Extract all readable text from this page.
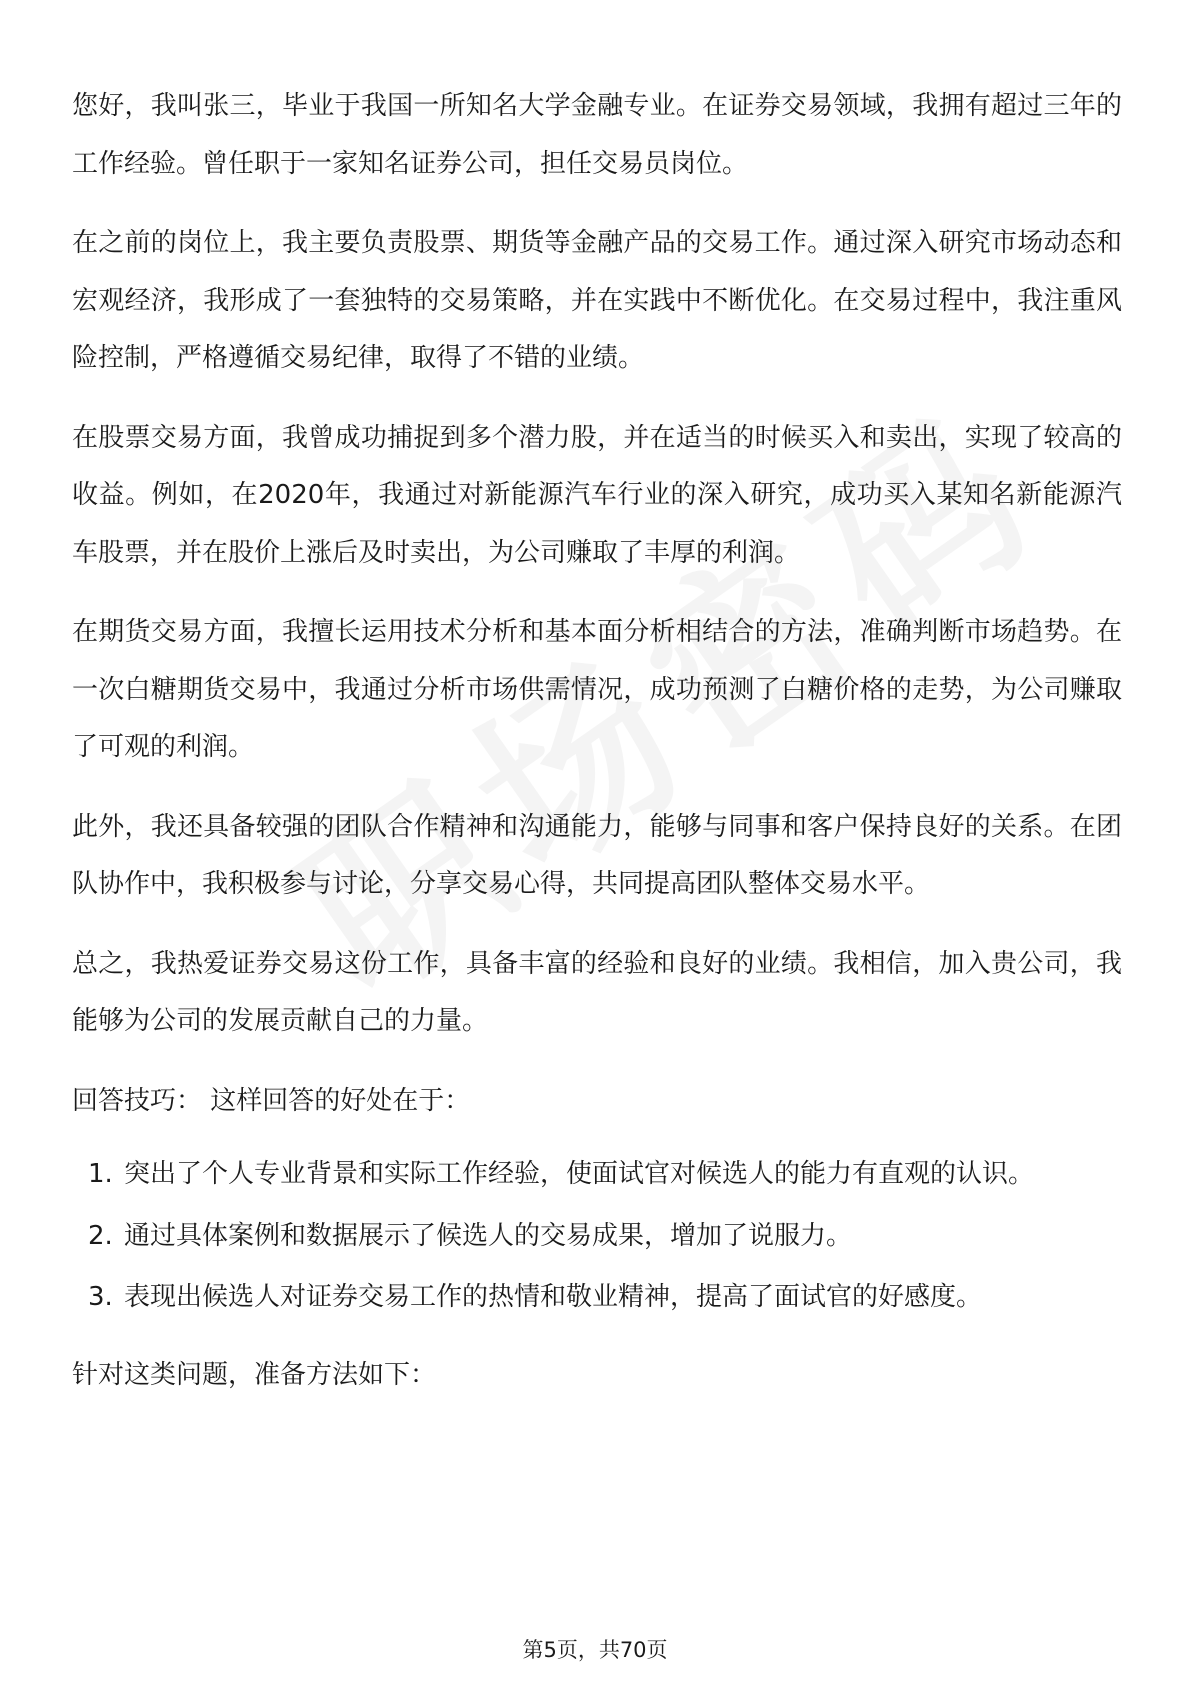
您好，我叫张三，毕业于我国一所知名大学金融专业。在证券交易领域，我拥有超过三年的工作经验。曾任职于一家知名证券公司，担任交易员岗位。

在之前的岗位上，我主要负责股票、期货等金融产品的交易工作。通过深入研究市场动态和宏观经济，我形成了一套独特的交易策略，并在实践中不断优化。在交易过程中，我注重风险控制，严格遵循交易纪律，取得了不错的业绩。

在股票交易方面，我曾成功捕捉到多个潜力股，并在适当的时候买入和卖出，实现了较高的收益。例如，在2020年，我通过对新能源汽车行业的深入研究，成功买入某知名新能源汽车股票，并在股价上涨后及时卖出，为公司赚取了丰厚的利润。

在期货交易方面，我擅长运用技术分析和基本面分析相结合的方法，准确判断市场趋势。在一次白糖期货交易中，我通过分析市场供需情况，成功预测了白糖价格的走势，为公司赚取了可观的利润。

此外，我还具备较强的团队合作精神和沟通能力，能够与同事和客户保持良好的关系。在团队协作中，我积极参与讨论，分享交易心得，共同提高团队整体交易水平。

总之，我热爱证券交易这份工作，具备丰富的经验和良好的业绩。我相信，加入贵公司，我能够为公司的发展贡献自己的力量。

回答技巧： 这样回答的好处在于：

1. 突出了个人专业背景和实际工作经验，使面试官对候选人的能力有直观的认识。
2. 通过具体案例和数据展示了候选人的交易成果，增加了说服力。
3. 表现出候选人对证券交易工作的热情和敬业精神，提高了面试官的好感度。

针对这类问题，准备方法如下：

第5页，共70页
